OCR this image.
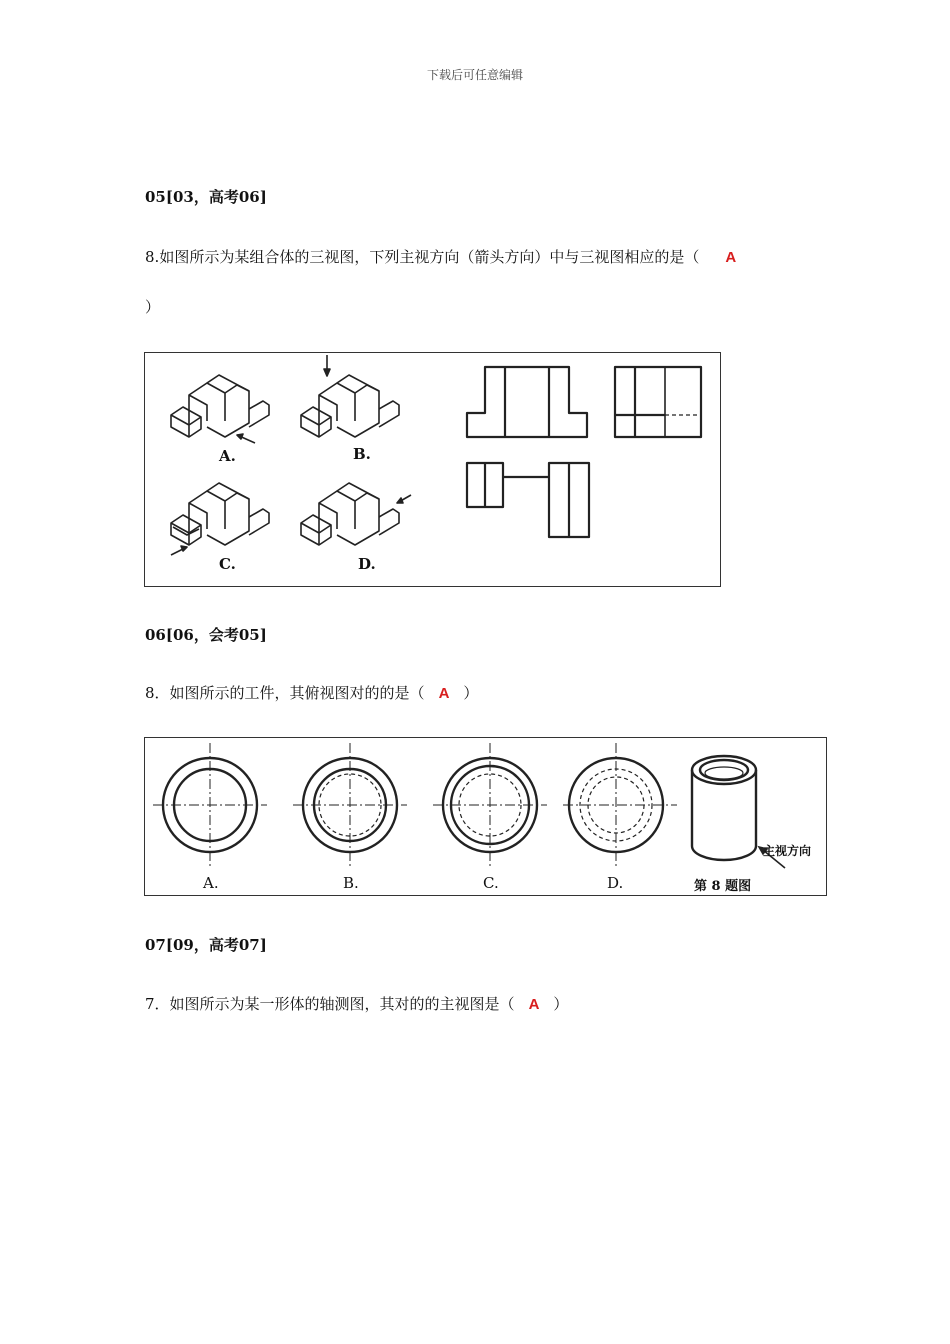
下载后可任意编辑
05[03，高考06]
8.如图所示为某组合体的三视图，下列主视方向（箭头方向）中与三视图相应的是（ A
）
A.	B.
C.	D.
06[06，会考05]
8．如图所示的工件，其俯视图对的的是（ A ）
A.	B.	C.	D.
主视方向
第 8 题图
07[09，高考07]
7．如图所示为某一形体的轴测图，其对的的主视图是（ A ）
